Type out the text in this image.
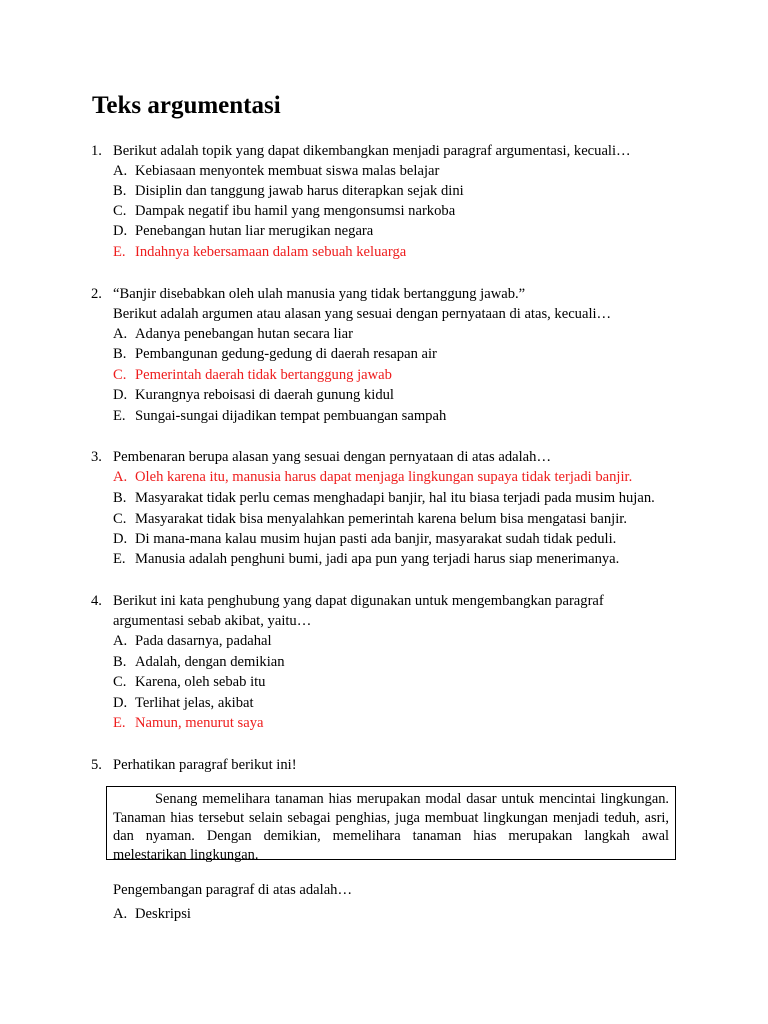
Teks argumentasi
1. Berikut adalah topik yang dapat dikembangkan menjadi paragraf argumentasi, kecuali…
A. Kebiasaan menyontek membuat siswa malas belajar
B. Disiplin dan tanggung jawab harus diterapkan sejak dini
C. Dampak negatif ibu hamil yang mengonsumsi narkoba
D. Penebangan hutan liar merugikan negara
E. Indahnya kebersamaan dalam sebuah keluarga
2. “Banjir disebabkan oleh ulah manusia yang tidak bertanggung jawab.”
Berikut adalah argumen atau alasan yang sesuai dengan pernyataan di atas, kecuali…
A. Adanya penebangan hutan secara liar
B. Pembangunan gedung-gedung di daerah resapan air
C. Pemerintah daerah tidak bertanggung jawab
D. Kurangnya reboisasi di daerah gunung kidul
E. Sungai-sungai dijadikan tempat pembuangan sampah
3. Pembenaran berupa alasan yang sesuai dengan pernyataan di atas adalah…
A. Oleh karena itu, manusia harus dapat menjaga lingkungan supaya tidak terjadi banjir.
B. Masyarakat tidak perlu cemas menghadapi banjir, hal itu biasa terjadi pada musim hujan.
C. Masyarakat tidak bisa menyalahkan pemerintah karena belum bisa mengatasi banjir.
D. Di mana-mana kalau musim hujan pasti ada banjir, masyarakat sudah tidak peduli.
E. Manusia adalah penghuni bumi, jadi apa pun yang terjadi harus siap menerimanya.
4. Berikut ini kata penghubung yang dapat digunakan untuk mengembangkan paragraf
argumentasi sebab akibat, yaitu…
A. Pada dasarnya, padahal
B. Adalah, dengan demikian
C. Karena, oleh sebab itu
D. Terlihat jelas, akibat
E. Namun, menurut saya
5. Perhatikan paragraf berikut ini!

Senang memelihara tanaman hias merupakan modal dasar untuk mencintai lingkungan. Tanaman hias tersebut selain sebagai penghias, juga membuat lingkungan menjadi teduh, asri, dan nyaman. Dengan demikian, memelihara tanaman hias merupakan langkah awal melestarikan lingkungan.

Pengembangan paragraf di atas adalah…
A. Deskripsi
